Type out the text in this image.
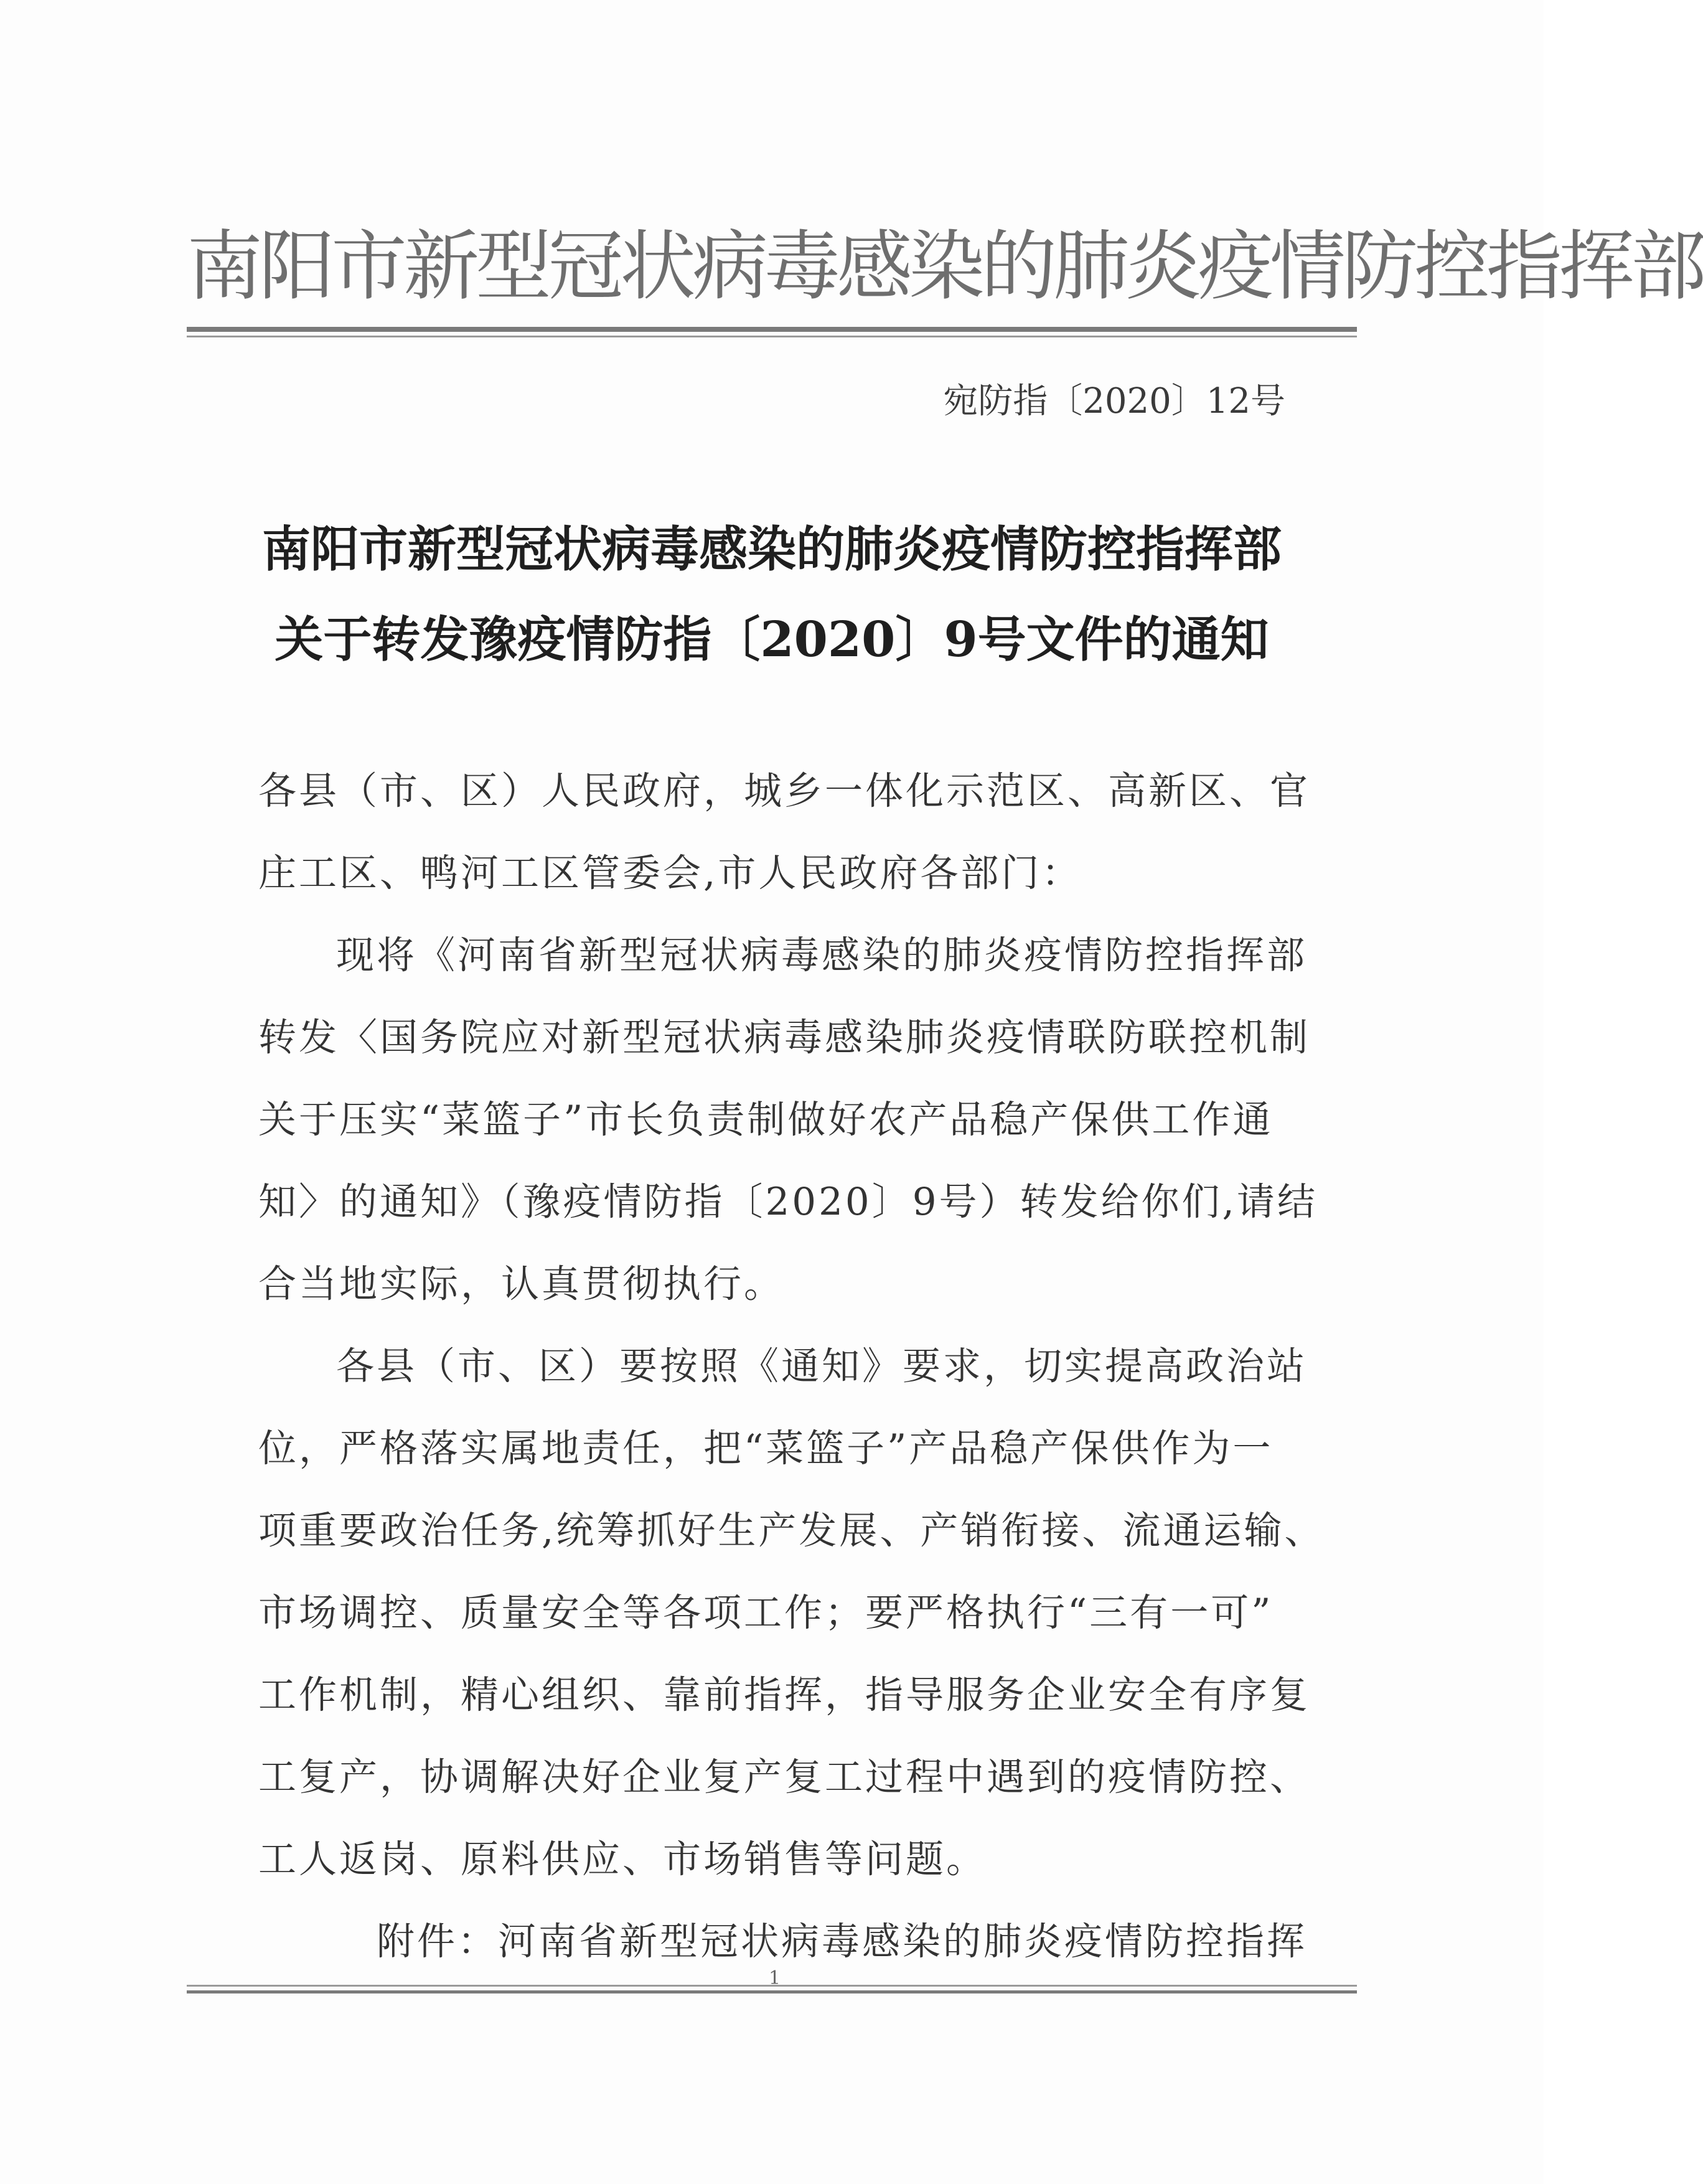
南阳市新型冠状病毒感染的肺炎疫情防控指挥部
宛防指〔2020〕12号
南阳市新型冠状病毒感染的肺炎疫情防控指挥部
关于转发豫疫情防指〔2020〕9号文件的通知
各县（市、区）人民政府，城乡一体化示范区、高新区、官
庄工区、鸭河工区管委会,市人民政府各部门：
现将《河南省新型冠状病毒感染的肺炎疫情防控指挥部
转发〈国务院应对新型冠状病毒感染肺炎疫情联防联控机制
关于压实“菜篮子”市长负责制做好农产品稳产保供工作通
知〉的通知》（豫疫情防指〔2020〕9号）转发给你们,请结
合当地实际，认真贯彻执行。
各县（市、区）要按照《通知》要求，切实提高政治站
位，严格落实属地责任，把“菜篮子”产品稳产保供作为一
项重要政治任务,统筹抓好生产发展、产销衔接、流通运输、
市场调控、质量安全等各项工作；要严格执行“三有一可”
工作机制，精心组织、靠前指挥，指导服务企业安全有序复
工复产，协调解决好企业复产复工过程中遇到的疫情防控、
工人返岗、原料供应、市场销售等问题。
附件：河南省新型冠状病毒感染的肺炎疫情防控指挥
1
